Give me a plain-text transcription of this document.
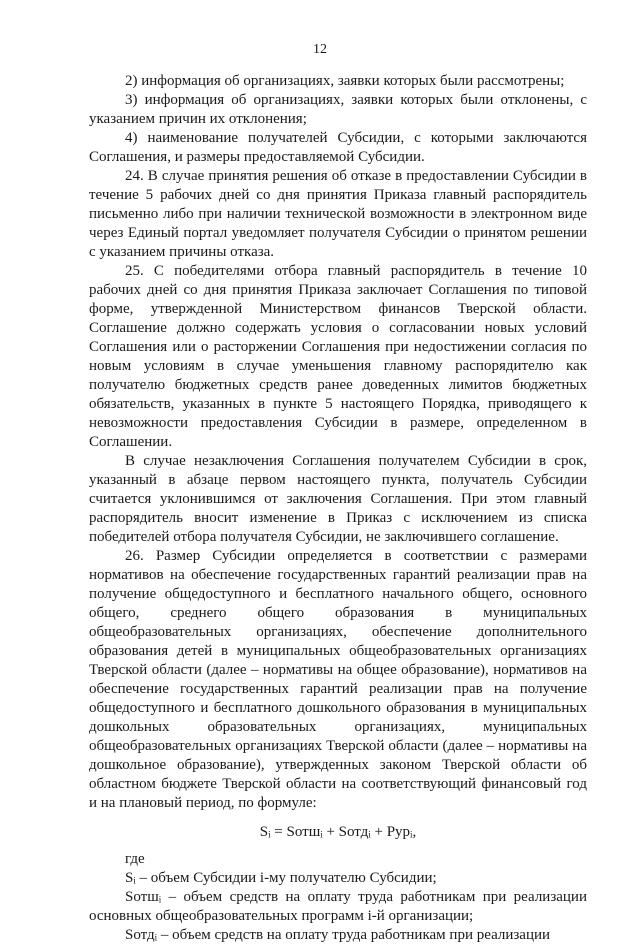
12

2) информация об организациях, заявки которых были рассмотрены;

3) информация об организациях, заявки которых были отклонены, с указанием причин их отклонения;

4) наименование получателей Субсидии, с которыми заключаются Соглашения, и размеры предоставляемой Субсидии.

24. В случае принятия решения об отказе в предоставлении Субсидии в течение 5 рабочих дней со дня принятия Приказа главный распорядитель письменно либо при наличии технической возможности в электронном виде через Единый портал уведомляет получателя Субсидии о принятом решении с указанием причины отказа.

25. С победителями отбора главный распорядитель в течение 10 рабочих дней со дня принятия Приказа заключает Соглашения по типовой форме, утвержденной Министерством финансов Тверской области. Соглашение должно содержать условия о согласовании новых условий Соглашения или о расторжении Соглашения при недостижении согласия по новым условиям в случае уменьшения главному распорядителю как получателю бюджетных средств ранее доведенных лимитов бюджетных обязательств, указанных в пункте 5 настоящего Порядка, приводящего к невозможности предоставления Субсидии в размере, определенном в Соглашении.

В случае незаключения Соглашения получателем Субсидии в срок, указанный в абзаце первом настоящего пункта, получатель Субсидии считается уклонившимся от заключения Соглашения. При этом главный распорядитель вносит изменение в Приказ с исключением из списка победителей отбора получателя Субсидии, не заключившего соглашение.

26. Размер Субсидии определяется в соответствии с размерами нормативов на обеспечение государственных гарантий реализации прав на получение общедоступного и бесплатного начального общего, основного общего, среднего общего образования в муниципальных общеобразовательных организациях, обеспечение дополнительного образования детей в муниципальных общеобразовательных организациях Тверской области (далее – нормативы на общее образование), нормативов на обеспечение государственных гарантий реализации прав на получение общедоступного и бесплатного дошкольного образования в муниципальных дошкольных образовательных организациях, муниципальных общеобразовательных организациях Тверской области (далее – нормативы на дошкольное образование), утвержденных законом Тверской области об областном бюджете Тверской области на соответствующий финансовый год и на плановый период, по формуле:

Sᵢ = Sотшᵢ + Sотдᵢ + Руpᵢ,

где

Sᵢ – объем Субсидии i-му получателю Субсидии;

Sотшᵢ – объем средств на оплату труда работникам при реализации основных общеобразовательных программ i-й организации;

Sотдᵢ – объем средств на оплату труда работникам при реализации
